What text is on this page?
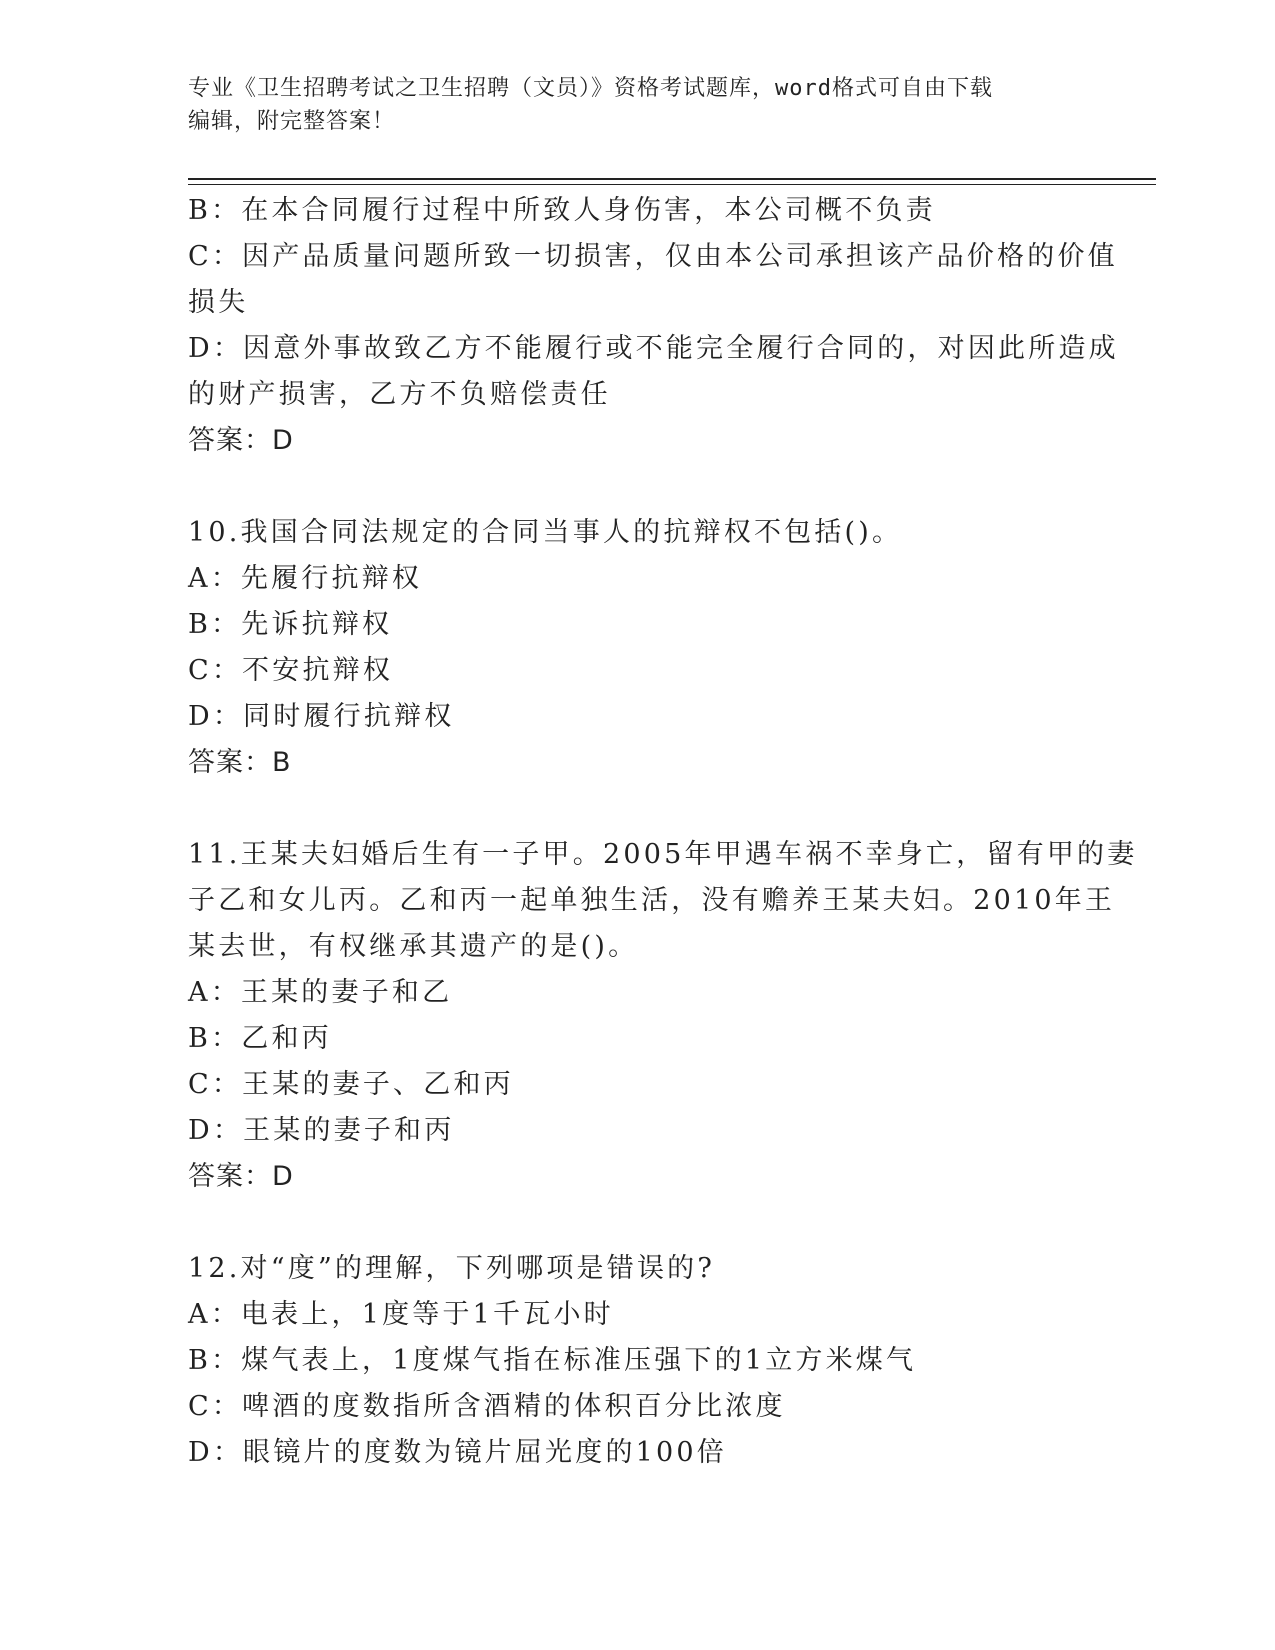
专业《卫生招聘考试之卫生招聘（文员）》资格考试题库，word格式可自由下载
编辑，附完整答案！
B：在本合同履行过程中所致人身伤害，本公司概不负责
C：因产品质量问题所致一切损害，仅由本公司承担该产品价格的价值
损失
D：因意外事故致乙方不能履行或不能完全履行合同的，对因此所造成
的财产损害，乙方不负赔偿责任
答案：D
10.我国合同法规定的合同当事人的抗辩权不包括()。
A：先履行抗辩权
B：先诉抗辩权
C：不安抗辩权
D：同时履行抗辩权
答案：B
11.王某夫妇婚后生有一子甲。2005年甲遇车祸不幸身亡，留有甲的妻
子乙和女儿丙。乙和丙一起单独生活，没有赡养王某夫妇。2010年王
某去世，有权继承其遗产的是()。
A：王某的妻子和乙
B：乙和丙
C：王某的妻子、乙和丙
D：王某的妻子和丙
答案：D
12.对“度”的理解，下列哪项是错误的?
A：电表上，1度等于1千瓦小时
B：煤气表上，1度煤气指在标准压强下的1立方米煤气
C：啤酒的度数指所含酒精的体积百分比浓度
D：眼镜片的度数为镜片屈光度的100倍
